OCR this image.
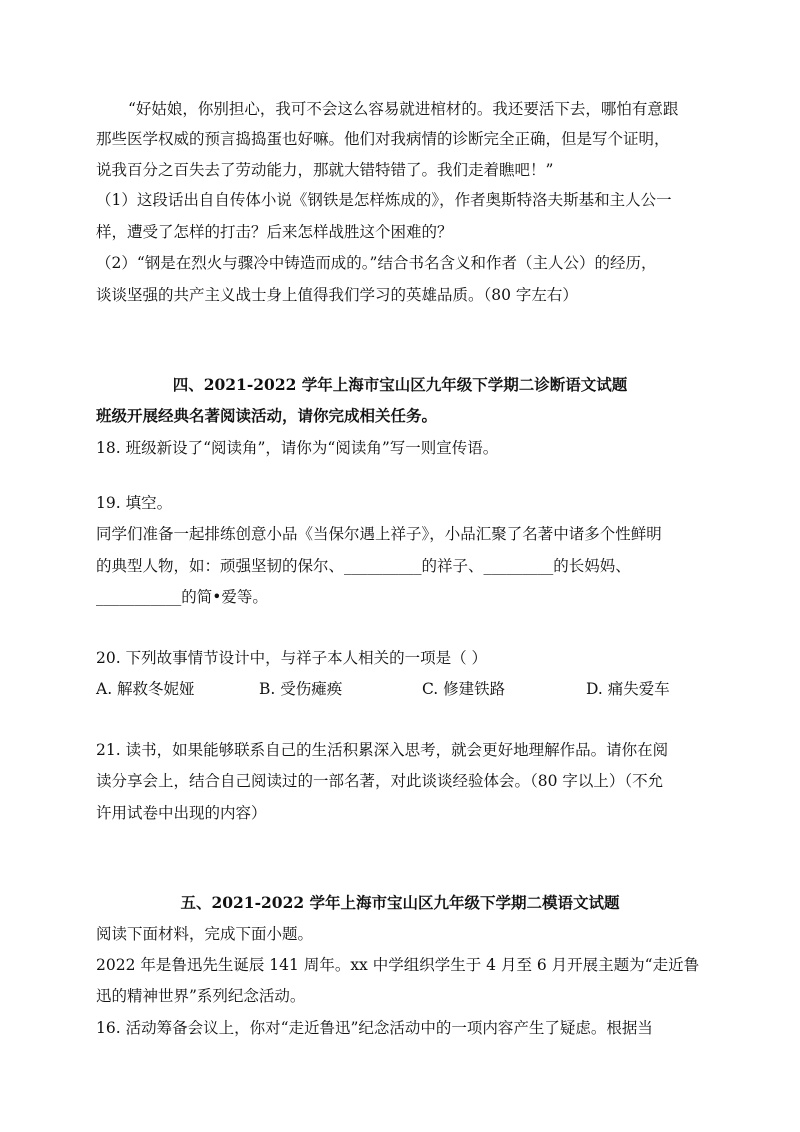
“好姑娘，你别担心，我可不会这么容易就进棺材的。我还要活下去，哪怕有意跟
那些医学权威的预言捣捣蛋也好嘛。他们对我病情的诊断完全正确，但是写个证明，
说我百分之百失去了劳动能力，那就大错特错了。我们走着瞧吧！”
（1）这段话出自自传体小说《钢铁是怎样炼成的》，作者奥斯特洛夫斯基和主人公一
样，遭受了怎样的打击？后来怎样战胜这个困难的？
（2）“钢是在烈火与骤冷中铸造而成的。”结合书名含义和作者（主人公）的经历，
谈谈坚强的共产主义战士身上值得我们学习的英雄品质。（80 字左右）
四、2021-2022 学年上海市宝山区九年级下学期二诊断语文试题
班级开展经典名著阅读活动，请你完成相关任务。
18. 班级新设了“阅读角”，请你为“阅读角”写一则宣传语。
19. 填空。
同学们准备一起排练创意小品《当保尔遇上祥子》，小品汇聚了名著中诸多个性鲜明
的典型人物，如：顽强坚韧的保尔、__________的祥子、_________的长妈妈、
___________的简•爱等。
20. 下列故事情节设计中，与祥子本人相关的一项是（ ）
A. 解救冬妮娅	B. 受伤瘫痪	C. 修建铁路	D. 痛失爱车
21. 读书，如果能够联系自己的生活积累深入思考，就会更好地理解作品。请你在阅
读分享会上，结合自己阅读过的一部名著，对此谈谈经验体会。（80 字以上）（不允
许用试卷中出现的内容）
五、2021-2022 学年上海市宝山区九年级下学期二模语文试题
阅读下面材料，完成下面小题。
2022 年是鲁迅先生诞辰 141 周年。xx 中学组织学生于 4 月至 6 月开展主题为“走近鲁
迅的精神世界”系列纪念活动。
16. 活动筹备会议上，你对“走近鲁迅”纪念活动中的一项内容产生了疑虑。根据当
